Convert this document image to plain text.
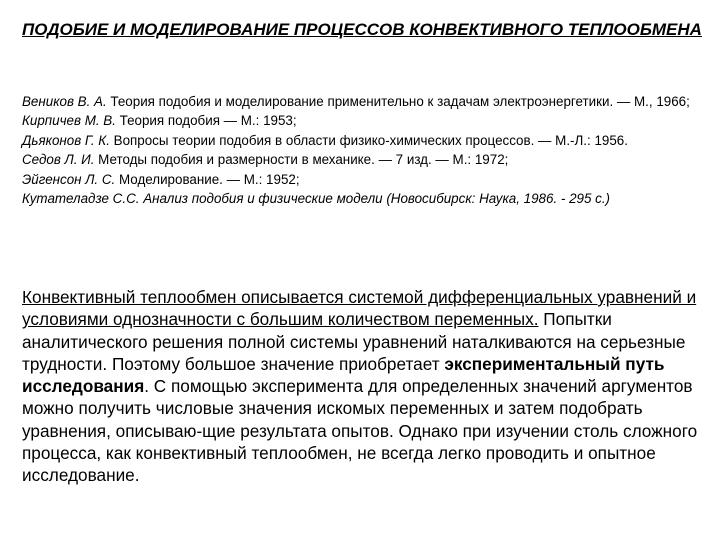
ПОДОБИЕ И МОДЕЛИРОВАНИЕ ПРОЦЕССОВ КОНВЕКТИВНОГО ТЕПЛООБМЕНА
Веников В. А. Теория подобия и моделирование применительно к задачам электроэнергетики. — М., 1966;
Кирпичев М. В. Теория подобия — М.: 1953;
Дьяконов Г. К. Вопросы теории подобия в области физико-химических процессов. — М.-Л.: 1956.
Седов Л. И. Методы подобия и размерности в механике. — 7 изд. — М.: 1972;
Эйгенсон Л. С. Моделирование. — М.: 1952;
Кутателадзе С.С. Анализ подобия и физические модели (Новосибирск: Наука, 1986. - 295 с.)
Конвективный теплообмен описывается системой дифференциальных уравнений и условиями однозначности с большим количеством переменных. Попытки аналитического решения полной системы уравнений наталкиваются на серьезные трудности. Поэтому большое значение приобретает экспериментальный путь исследования. С помощью эксперимента для определенных значений аргументов можно получить числовые значения искомых переменных и затем подобрать уравнения, описываю-щие результата опытов. Однако при изучении столь сложного процесса, как конвективный теплообмен, не всегда легко проводить и опытное исследование.
